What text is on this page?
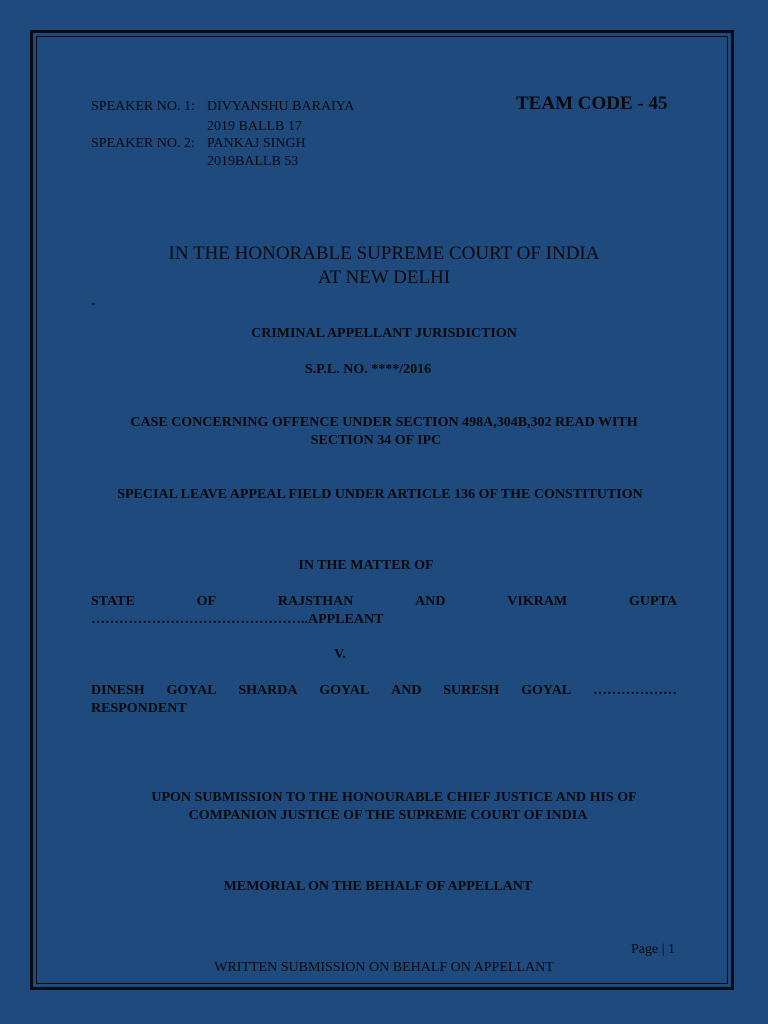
SPEAKER NO. 1: DIVYANSHU BARAIYA
2019 BALLB 17
SPEAKER NO. 2: PANKAJ SINGH
2019BALLB 53
TEAM CODE - 45
IN THE HONORABLE SUPREME COURT OF INDIA
AT NEW DELHI
-
CRIMINAL APPELLANT JURISDICTION
S.P.L. NO. ****/2016
CASE CONCERNING OFFENCE UNDER SECTION 498A,304B,302 READ WITH
SECTION 34 OF IPC
SPECIAL LEAVE APPEAL FIELD UNDER ARTICLE 136 OF THE CONSTITUTION
IN THE MATTER OF
STATE	OF	RAJSTHAN	AND	VIKRAM	GUPTA
………………………………………..APPLEANT
V.
DINESH GOYAL SHARDA GOYAL AND SURESH GOYAL ………………
RESPONDENT
UPON SUBMISSION TO THE HONOURABLE CHIEF JUSTICE AND HIS OF
COMPANION JUSTICE OF THE SUPREME COURT OF INDIA
MEMORIAL ON THE BEHALF OF APPELLANT
Page | 1
WRITTEN SUBMISSION ON BEHALF ON APPELLANT
